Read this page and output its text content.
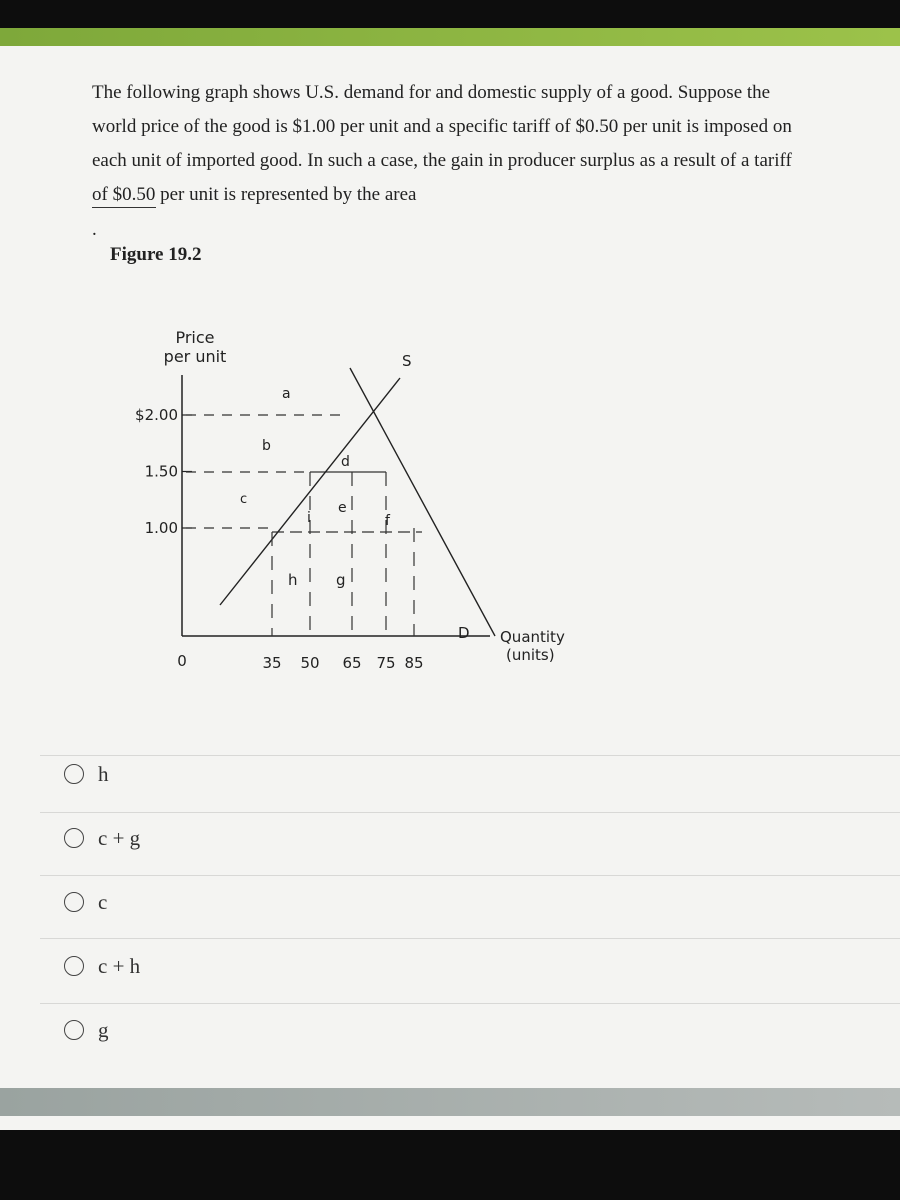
The following graph shows U.S. demand for and domestic supply of a good. Suppose the
world price of the good is $1.00 per unit and a specific tariff of $0.50 per unit is imposed on
each unit of imported good. In such a case, the gain in producer surplus as a result of a tariff
of $0.50 per unit is represented by the area
.
Figure 19.2
Price
per unit
$2.00
1.50
1.00
S
D
a
b
c
d
e
f
g
h
i
35 50 65 75 85
0
Quantity
(units)
h
c + g
c
c + h
g
